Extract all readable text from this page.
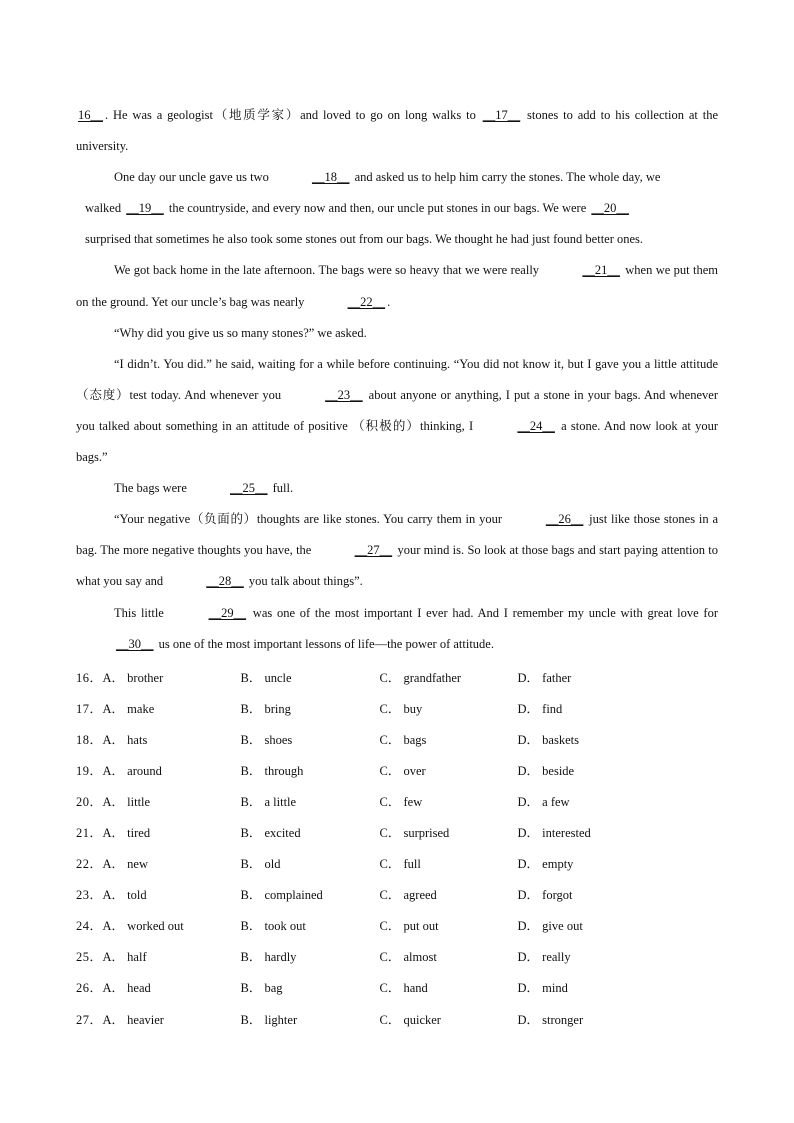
16__ . He was a geologist（地质学家）and loved to go on long walks to __17__ stones to add to his collection at the university.

One day our uncle gave us two	__18__ and asked us to help him carry the stones. The whole day, we

walked __19__ the countryside, and every now and then, our uncle put stones in our bags. We were __20__

surprised that sometimes he also took some stones out from our bags. We thought he had just found better ones.

We got back home in the late afternoon. The bags were so heavy that we were really	__21__ when we put them on the ground. Yet our uncle’s bag was nearly	__22__ .

“Why did you give us so many stones?” we asked.

“I didn’t. You did.” he said, waiting for a while before continuing. “You did not know it, but I gave you a little attitude（态度）test today. And whenever you	__23__ about anyone or anything, I put a stone in your bags. And whenever you talked about something in an attitude of positive （积极的）thinking, I	__24__ a stone. And now look at your bags.”

The bags were	__25__ full.

“Your negative（负面的）thoughts are like stones. You carry them in your	__26__ just like those stones in a bag. The more negative thoughts you have, the	__27__ your mind is. So look at those bags and start paying attention to what you say and	__28__ you talk about things”.

This little	__29__ was one of the most important I ever had. And I remember my uncle with great love for __30__ us one of the most important lessons of life—the power of attitude.

16． A． brother	B． uncle	C． grandfather	D． father
17． A． make	B． bring	C． buy	D． find
18． A． hats	B． shoes	C． bags	D． baskets
19． A． around	B． through	C． over	D． beside
20． A． little	B． a little	C． few	D． a few
21． A． tired	B． excited	C． surprised	D． interested
22． A． new	B． old	C． full	D． empty
23． A． told	B． complained	C． agreed	D． forgot
24． A． worked out	B． took out	C． put out	D． give out
25． A． half	B． hardly	C． almost	D． really
26． A． head	B． bag	C． hand	D． mind
27． A． heavier	B． lighter	C． quicker	D． stronger
